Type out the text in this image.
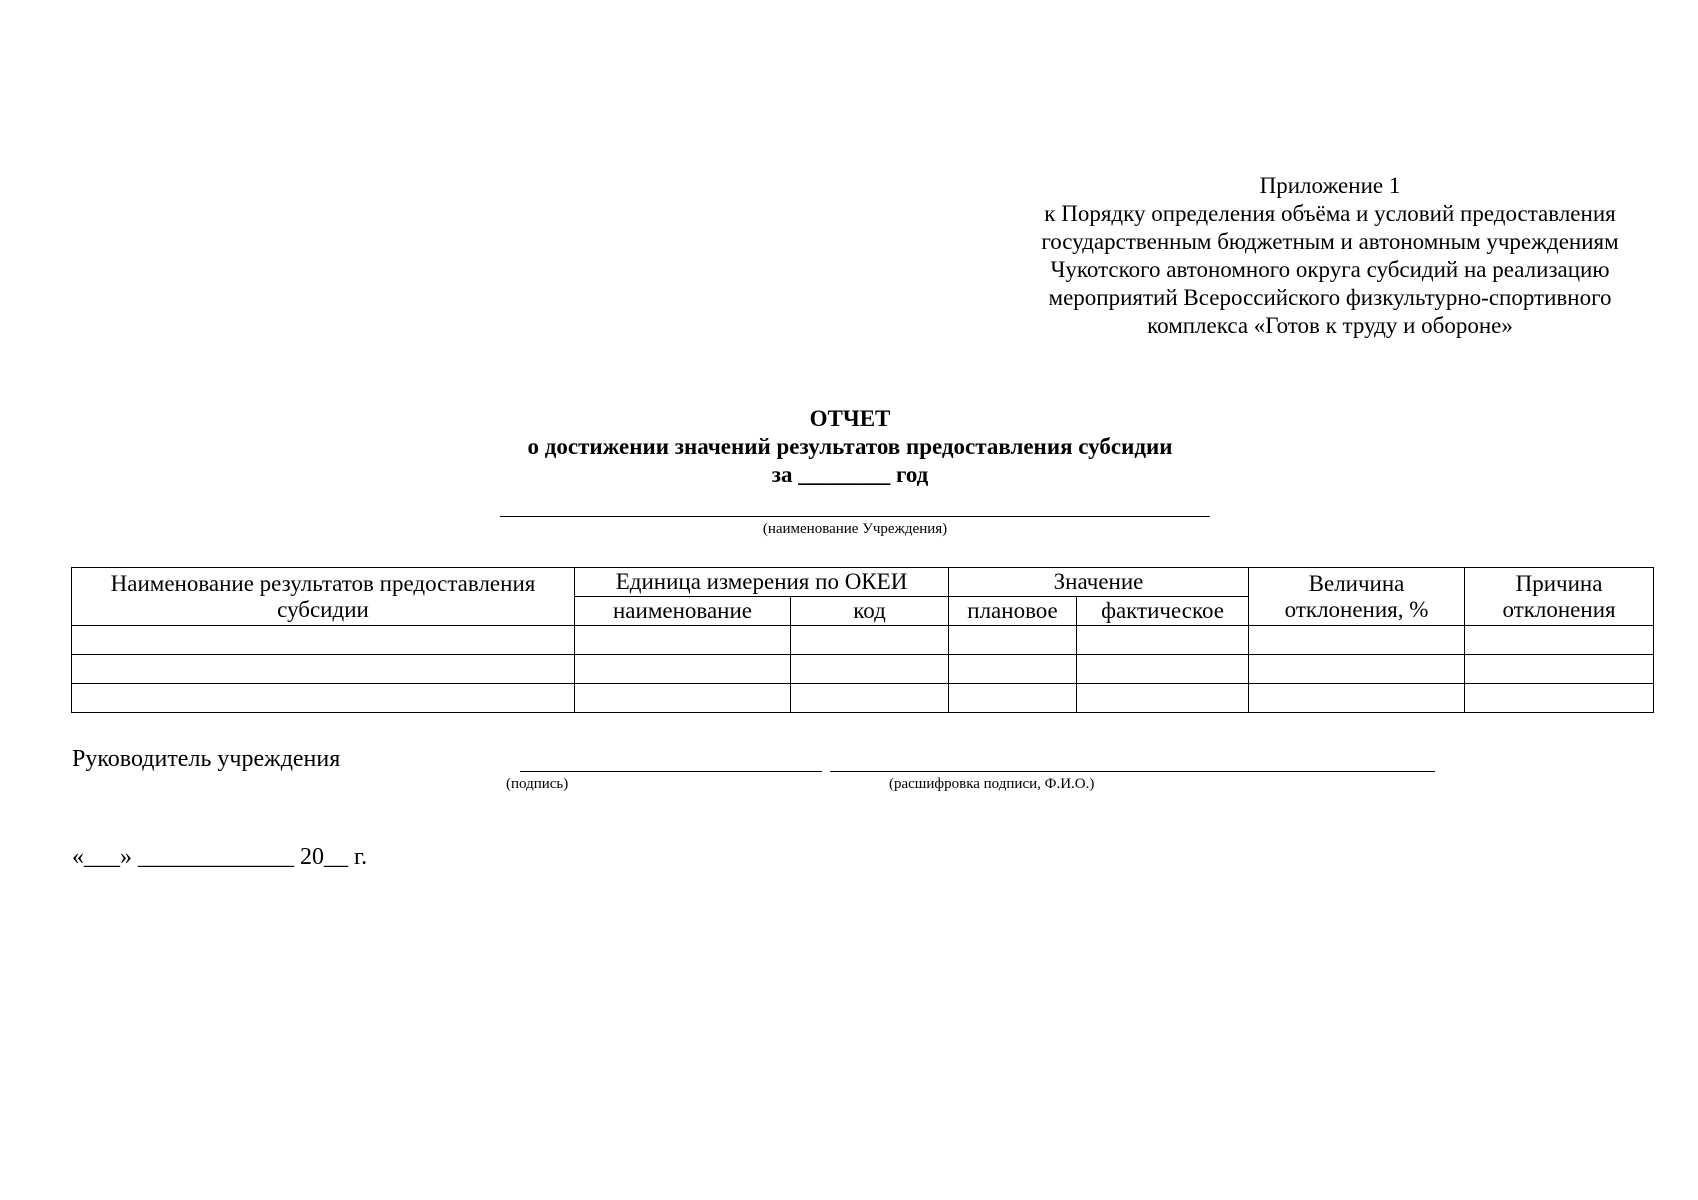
Приложение 1
к Порядку определения объёма и условий предоставления
государственным бюджетным и автономным учреждениям
Чукотского автономного округа субсидий на реализацию
мероприятий Всероссийского физкультурно-спортивного
комплекса «Готов к труду и обороне»
ОТЧЕТ
о достижении значений результатов предоставления субсидии
за ________ год
(наименование Учреждения)
Наименование результатов предоставления субсидии	Единица измерения по ОКЕИ		Значение		Величина отклонения, %	Причина отклонения
	наименование	код	плановое	фактическое		

Руководитель учреждения
(подпись)	(расшифровка подписи, Ф.И.О.)
«___» _____________ 20__ г.
